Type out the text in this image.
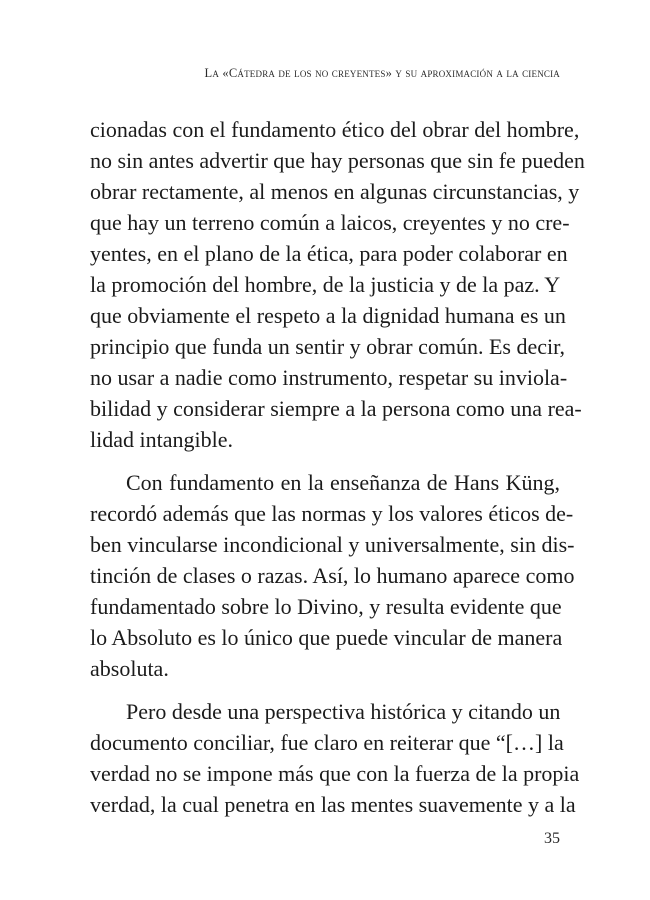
La «Cátedra de los no creyentes» y su aproximación a la ciencia
cionadas con el fundamento ético del obrar del hombre,
no sin antes advertir que hay personas que sin fe pueden
obrar rectamente, al menos en algunas circunstancias, y
que hay un terreno común a laicos, creyentes y no cre-
yentes, en el plano de la ética, para poder colaborar en
la promoción del hombre, de la justicia y de la paz. Y
que obviamente el respeto a la dignidad humana es un
principio que funda un sentir y obrar común. Es decir,
no usar a nadie como instrumento, respetar su inviola-
bilidad y considerar siempre a la persona como una rea-
lidad intangible.
Con fundamento en la enseñanza de Hans Küng,
recordó además que las normas y los valores éticos de-
ben vincularse incondicional y universalmente, sin dis-
tinción de clases o razas. Así, lo humano aparece como
fundamentado sobre lo Divino, y resulta evidente que
lo Absoluto es lo único que puede vincular de manera
absoluta.
Pero desde una perspectiva histórica y citando un
documento conciliar, fue claro en reiterar que “[…] la
verdad no se impone más que con la fuerza de la propia
verdad, la cual penetra en las mentes suavemente y a la
35
